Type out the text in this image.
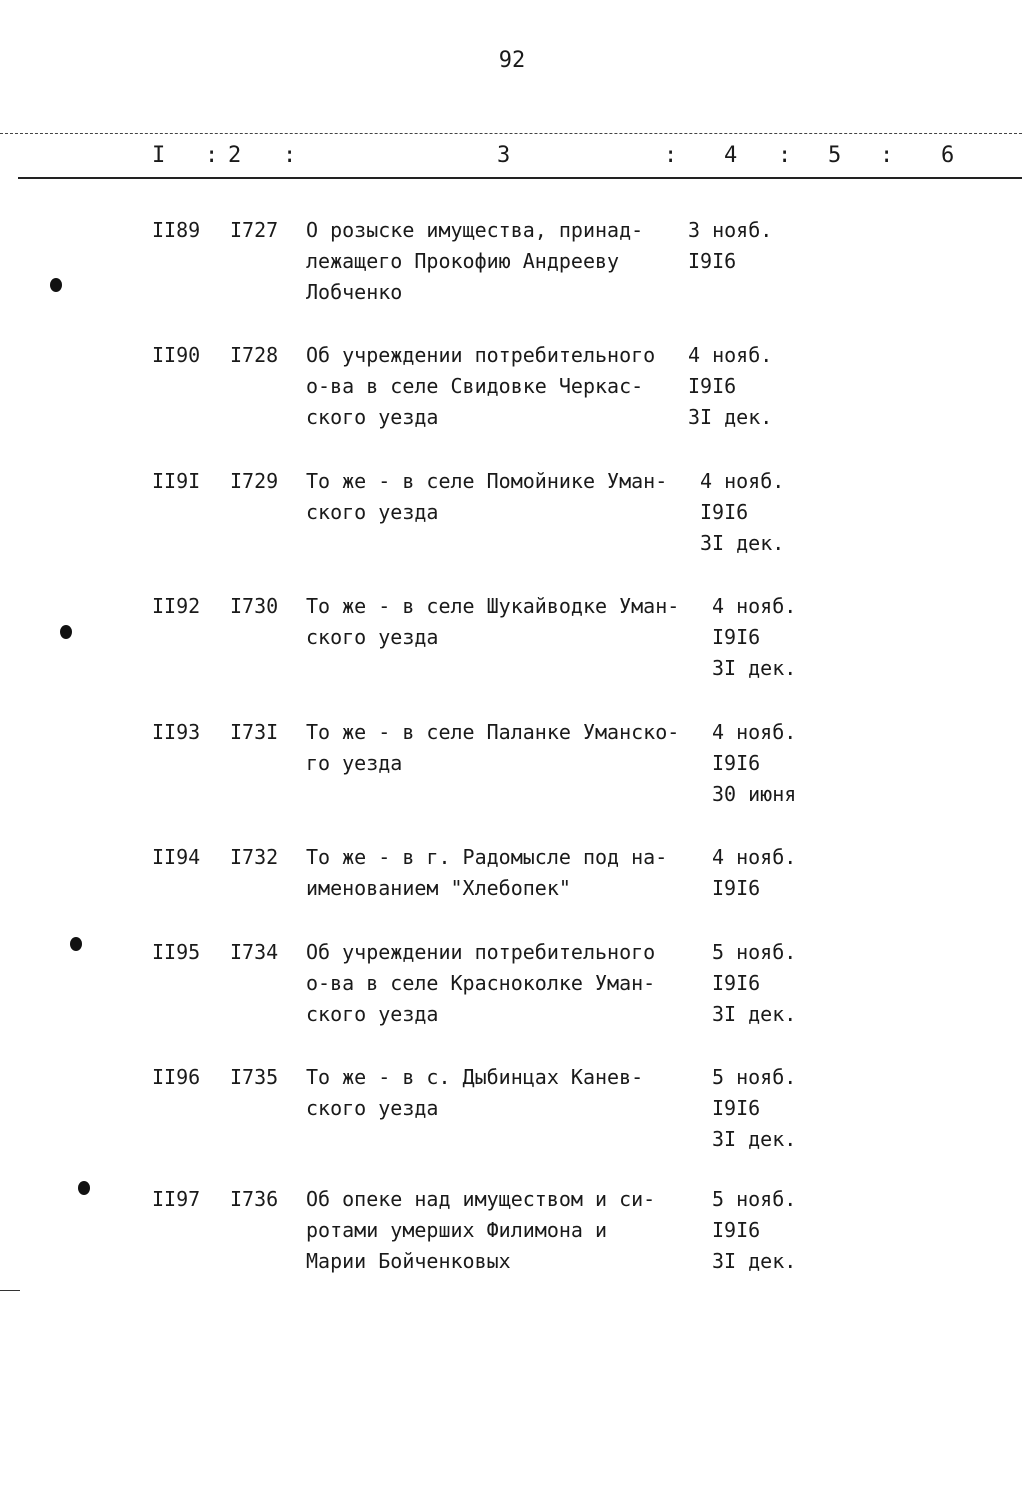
92
I : 2 :	3	: 4 : 5 : 6
II89 I727 О розыске имущества, принад-
лежащего Прокофию Андрееву
Лобченко
3 нояб.
I9I6
II90 I728 Об учреждении потребительного
о-ва в селе Свидовке Черкас-
ского уезда
4 нояб.
I9I6
3I дек.
II9I I729 То же - в селе Помойнике Уман-
ского уезда
4 нояб.
I9I6
3I дек.
II92 I730 То же - в селе Шукайводке Уман-
ского уезда
4 нояб.
I9I6
3I дек.
II93 I73I То же - в селе Паланке Уманско-
го уезда
4 нояб.
I9I6
30 июня
II94 I732 То же - в г. Радомысле под на-
именованием "Хлебопек"
4 нояб.
I9I6
II95 I734 Об учреждении потребительного
о-ва в селе Красноколке Уман-
ского уезда
5 нояб.
I9I6
3I дек.
II96 I735 То же - в с. Дыбинцах Канев-
ского уезда
5 нояб.
I9I6
3I дек.
II97 I736 Об опеке над имуществом и си-
ротами умерших Филимона и
Марии Бойченковых
5 нояб.
I9I6
3I дек.
